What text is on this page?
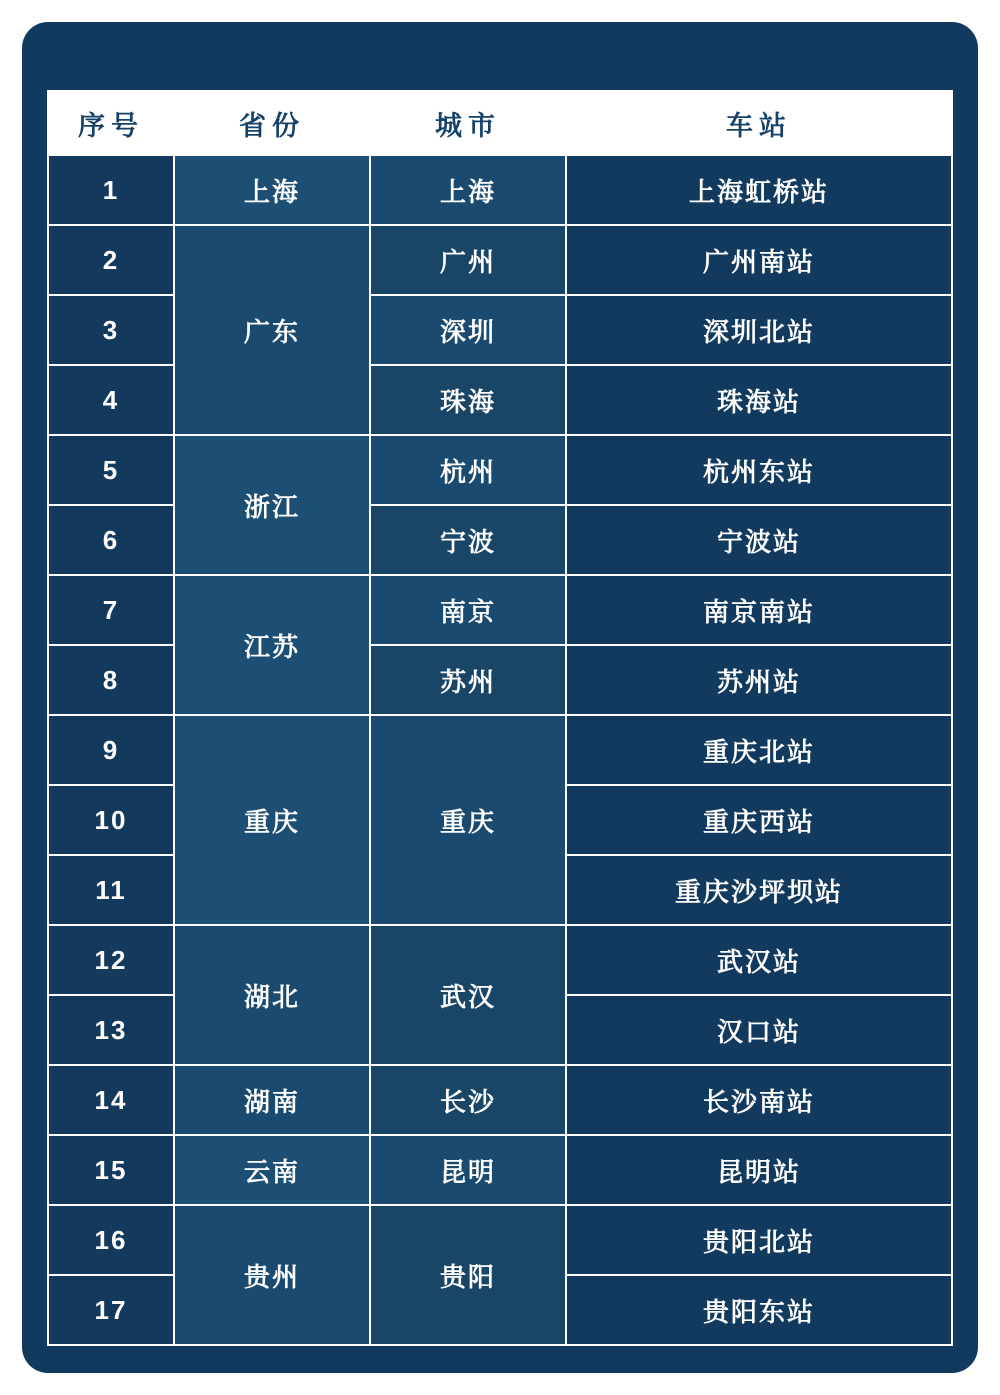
序号	省份	城市	车站
1	上海	上海	上海虹桥站
2	广东	广州	广州南站
3		深圳	深圳北站
4		珠海	珠海站
5	浙江	杭州	杭州东站
6		宁波	宁波站
7	江苏	南京	南京南站
8		苏州	苏州站
9	重庆	重庆	重庆北站
10			重庆西站
11			重庆沙坪坝站
12	湖北	武汉	武汉站
13			汉口站
14	湖南	长沙	长沙南站
15	云南	昆明	昆明站
16	贵州	贵阳	贵阳北站
17			贵阳东站
